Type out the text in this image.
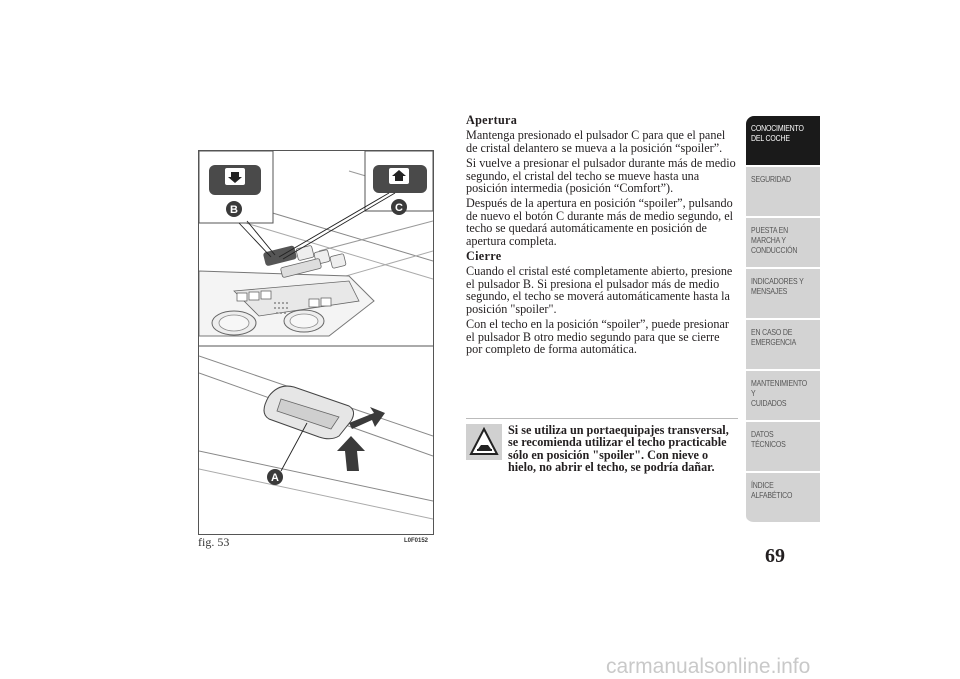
B	C
A
fig. 53	L0F0152
Apertura

Mantenga presionado el pulsador C para que el panel de cristal delantero se mueva a la posición “spoiler”.

Si vuelve a presionar el pulsador durante más de medio segundo, el cristal del techo se mueve hasta una posición intermedia (posición “Comfort”).

Después de la apertura en posición “spoiler”, pulsando de nuevo el botón C durante más de medio segundo, el techo se quedará automáticamente en posición de apertura completa.

Cierre

Cuando el cristal esté completamente abierto, presione el pulsador B. Si presiona el pulsador más de medio segundo, el techo se moverá automáticamente hasta la posición "spoiler".

Con el techo en la posición “spoiler”, puede presionar el pulsador B otro medio segundo para que se cierre por completo de forma automática.

Si se utiliza un portaequipajes transversal, se recomienda utilizar el techo practicable sólo en posición "spoiler". Con nieve o hielo, no abrir el techo, se podría dañar.
CONOCIMIENTO
DEL COCHE
SEGURIDAD
PUESTA EN
MARCHA Y
CONDUCCIÓN
INDICADORES Y
MENSAJES
EN CASO DE
EMERGENCIA
MANTENIMIENTO Y
CUIDADOS
DATOS TÉCNICOS
ÍNDICE
ALFABÉTICO
69
carmanualsonline.info
